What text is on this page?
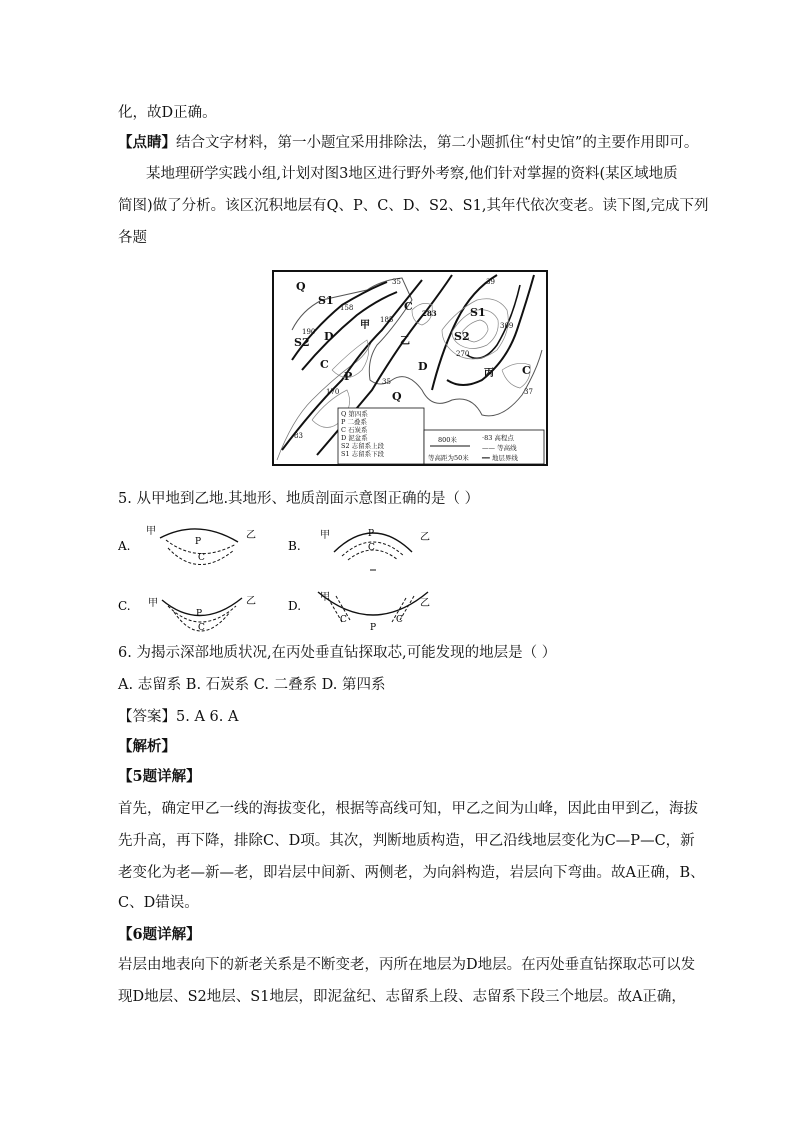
化，故D正确。
【点睛】结合文字材料，第一小题宜采用排除法，第二小题抓住“村史馆”的主要作用即可。
某地理研学实践小组,计划对图3地区进行野外考察,他们针对掌握的资料(某区域地质
简图)做了分析。该区沉积地层有Q、P、C、D、S2、S1,其年代依次变老。读下图,完成下列
各题
Q
S1
S2 D
C
P
甲
乙
C
D
S1
S2
C
丙
Q
35	39
158
185
283
309
270
190
170
83
35
37
Q 第四系
P 二叠系
C 石炭系
D 泥盆系
S2 志留系上段
S1 志留系下段
800米
等高距为50米
·83 高程点
—— 等高线
━━ 地层界线
5. 从甲地到乙地.其地形、地质剖面示意图正确的是（ ）
A.
甲	乙
P
C
B.
甲	乙
P
C
C. 甲	乙
P
C
D.
甲
乙
C
P
C
6. 为揭示深部地质状况,在丙处垂直钻探取芯,可能发现的地层是（ ）
A. 志留系 B. 石炭系 C. 二叠系 D. 第四系
【答案】5. A 6. A
【解析】
【5题详解】
首先，确定甲乙一线的海拔变化，根据等高线可知，甲乙之间为山峰，因此由甲到乙，海拔
先升高，再下降，排除C、D项。其次，判断地质构造，甲乙沿线地层变化为C—P—C，新
老变化为老—新—老，即岩层中间新、两侧老，为向斜构造，岩层向下弯曲。故A正确，B、
C、D错误。
【6题详解】
岩层由地表向下的新老关系是不断变老，丙所在地层为D地层。在丙处垂直钻探取芯可以发
现D地层、S2地层、S1地层，即泥盆纪、志留系上段、志留系下段三个地层。故A正确，
